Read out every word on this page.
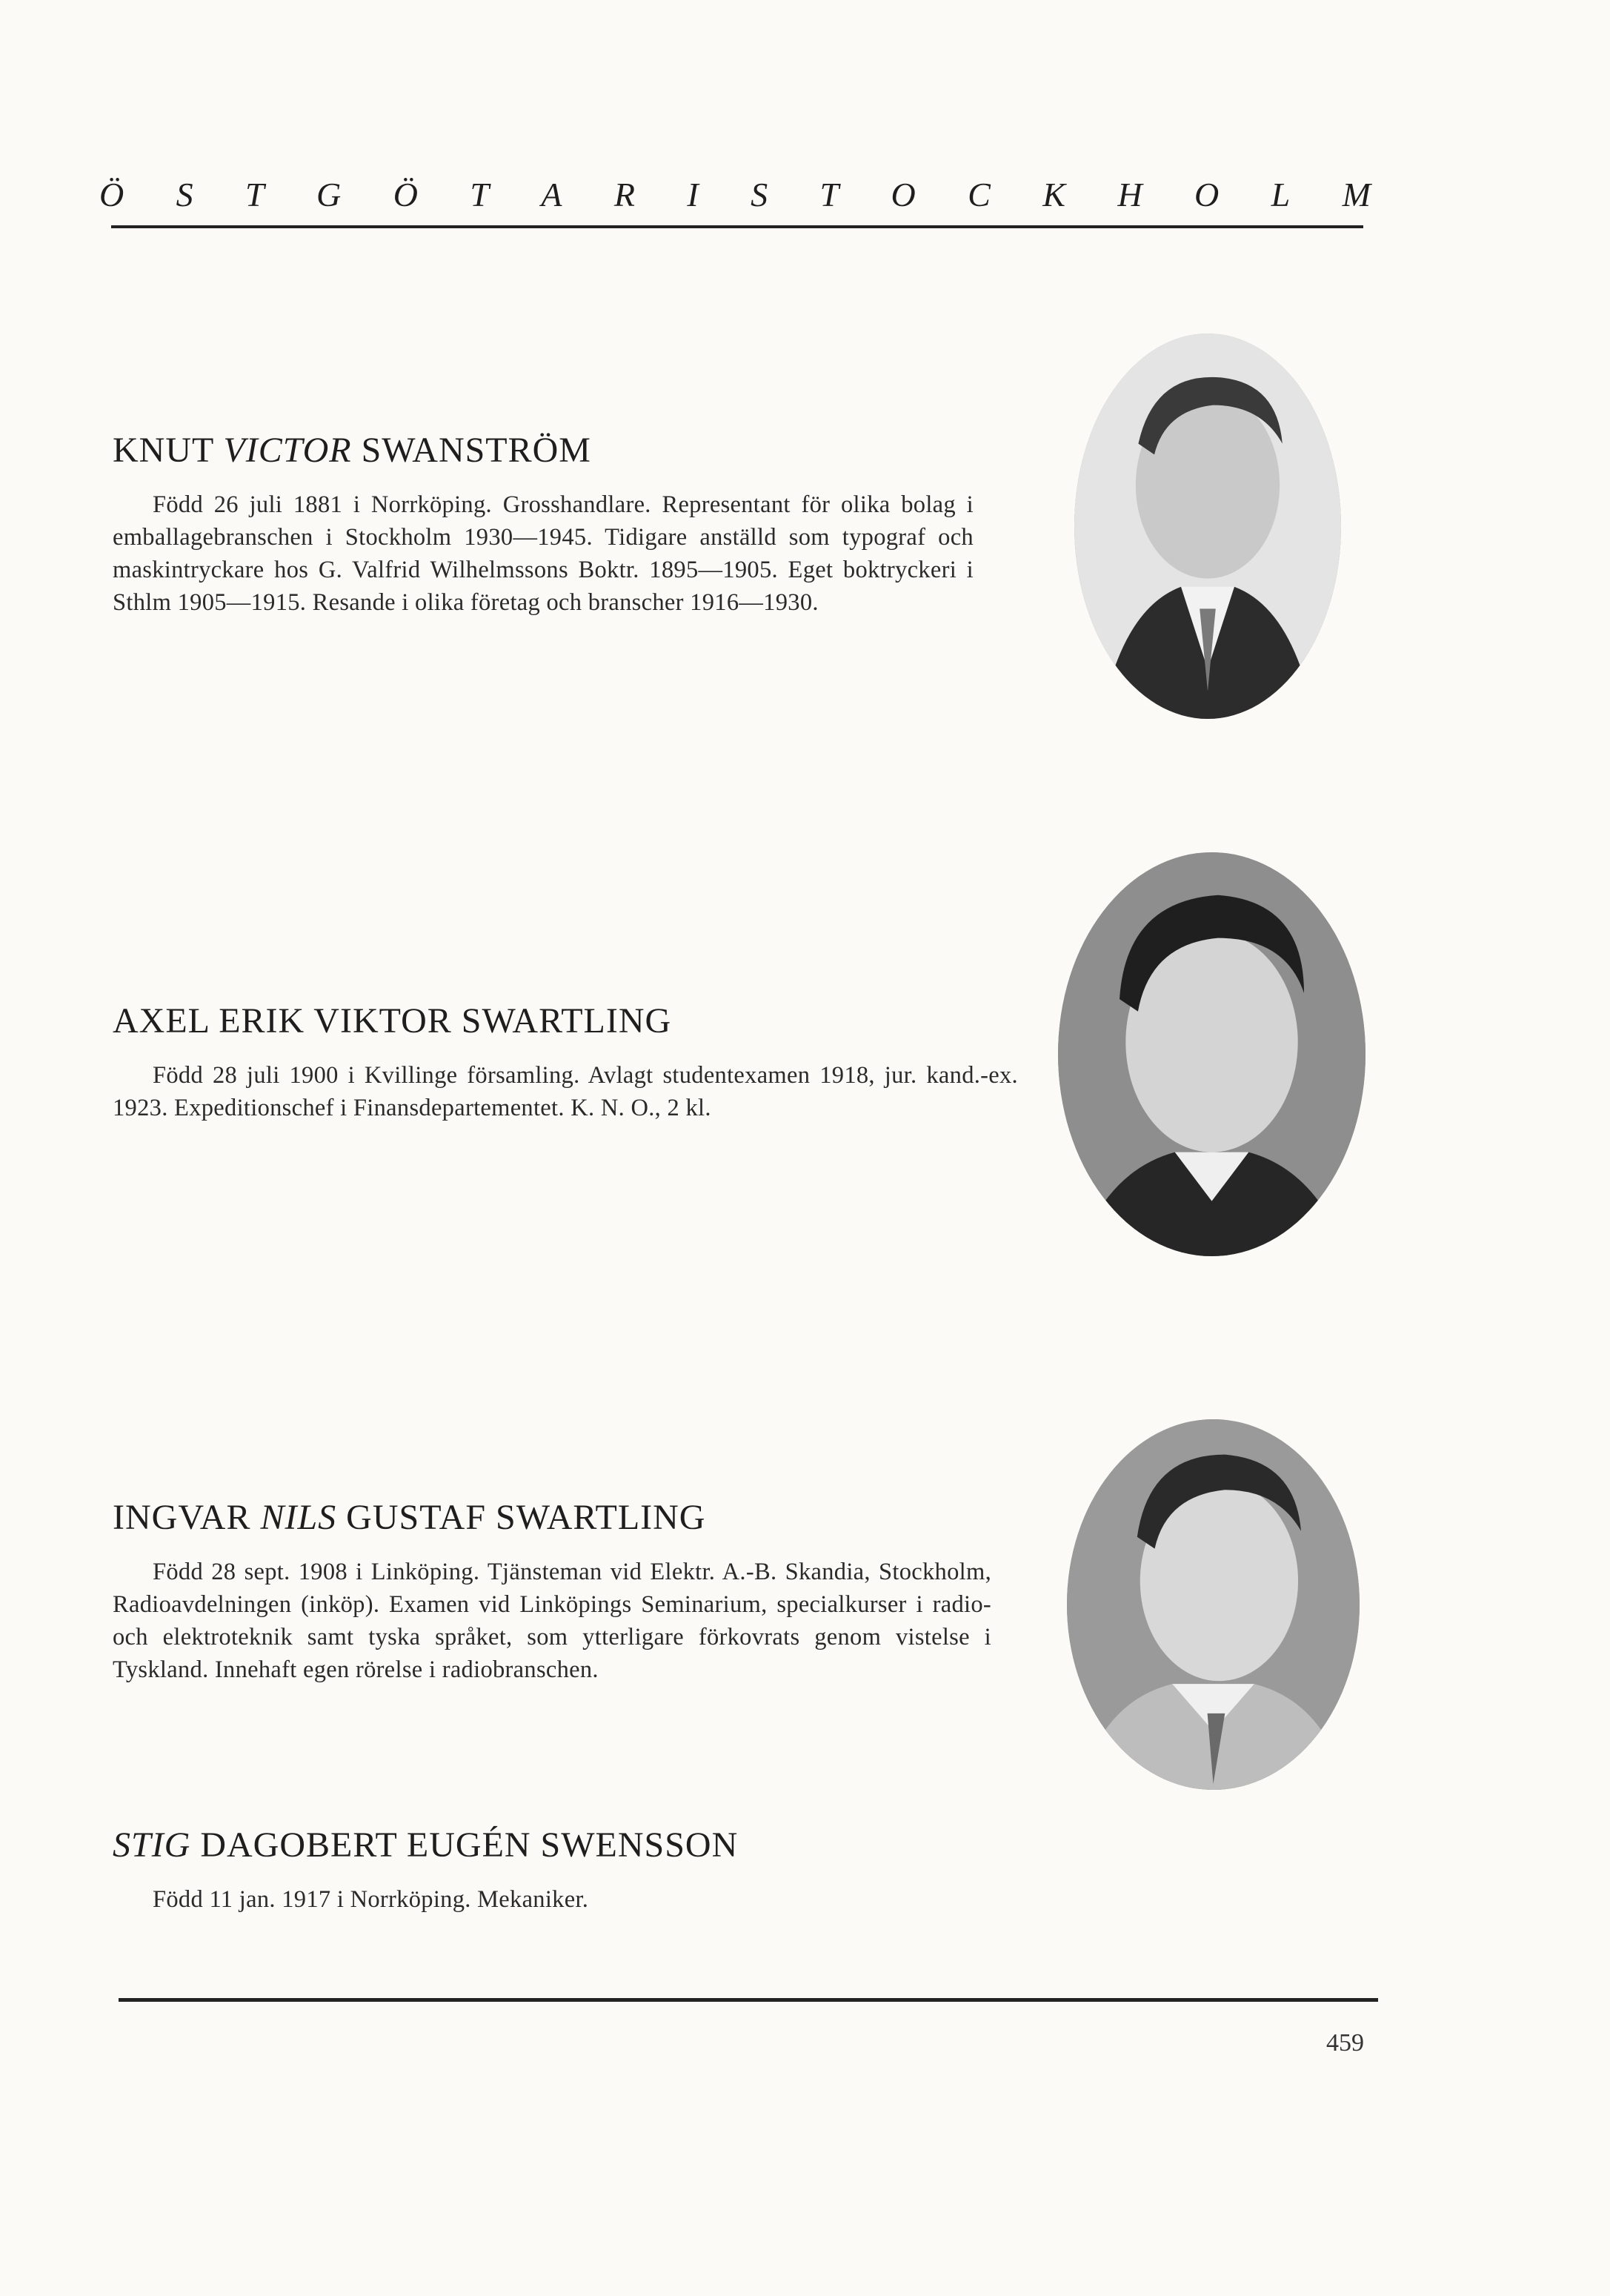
Ö S T G Ö T A R I S T O C K H O L M
KNUT VICTOR SWANSTRÖM

Född 26 juli 1881 i Norrköping. Grosshandlare. Representant för olika bolag i emballagebranschen i Stockholm 1930—1945. Tidigare anställd som typograf och maskintryckare hos G. Valfrid Wilhelmssons Boktr. 1895—1905. Eget boktryckeri i Sthlm 1905—1915. Resande i olika företag och branscher 1916—1930.

AXEL ERIK VIKTOR SWARTLING

Född 28 juli 1900 i Kvillinge församling. Avlagt studentexamen 1918, jur. kand.-ex. 1923. Expeditionschef i Finansdepartementet. K. N. O., 2 kl.

INGVAR NILS GUSTAF SWARTLING

Född 28 sept. 1908 i Linköping. Tjänsteman vid Elektr. A.-B. Skandia, Stockholm, Radioavdelningen (inköp). Examen vid Linköpings Seminarium, specialkurser i radio- och elektroteknik samt tyska språket, som ytterligare förkovrats genom vistelse i Tyskland. Innehaft egen rörelse i radiobranschen.

STIG DAGOBERT EUGÉN SWENSSON

Född 11 jan. 1917 i Norrköping. Mekaniker.

459
